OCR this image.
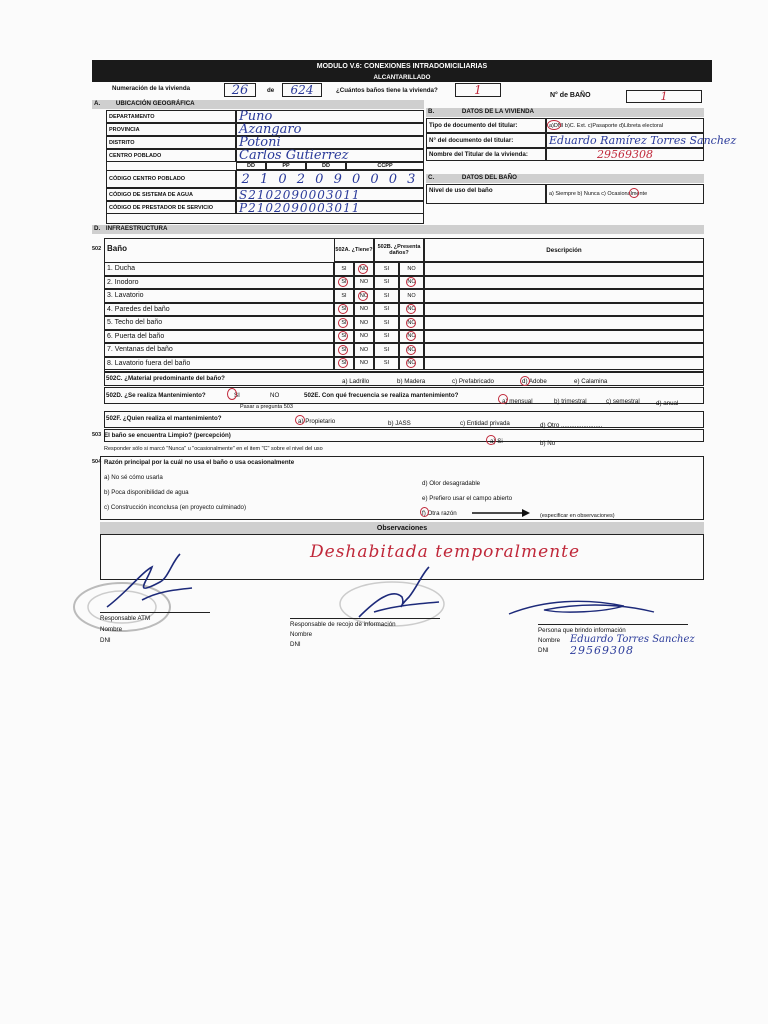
MODULO V.6: CONEXIONES INTRADOMICILIARIAS
ALCANTARILLADO
Numeración de la vivienda	26	de	624	¿Cuántos baños tiene la vivienda?	1	N° de BAÑO	1
A.	UBICACIÓN GEOGRÁFICA
DEPARTAMENTO	Puno
PROVINCIA	Azangaro
DISTRITO	Potoni
CENTRO POBLADO	Carlos Gutierrez
DD	PP	DD	CCPP
CÓDIGO CENTRO POBLADO	2 1 0 2 0 9 0 0 0 3
CÓDIGO DE SISTEMA DE AGUA	S2102090003011
CÓDIGO DE PRESTADOR DE SERVICIO	P2102090003011
B.	DATOS DE LA VIVIENDA
Tipo de documento del titular:	a)DNI b)C. Ext. c)Pasaporte d)Libreta electoral
N° del documento del titular:	Eduardo Ramírez Torres Sanchez
Nombre del Titular de la vivienda:	29569308
C.	DATOS DEL BAÑO
Nivel de uso del baño	a) Siempre b) Nunca c) Ocasionalmente
D. INFRAESTRUCTURA
502 Baño	502A. ¿Tiene? 502B. ¿Presenta daños?	Descripción
1. Ducha	SI	NO	SI	NO
2. Inodoro	SI	NO	SI	NO
3. Lavatorio	SI	NO	SI	NO
4. Paredes del baño	SI	NO	SI	NO
5. Techo del baño	SI	NO	SI	NO
6. Puerta del baño	SI	NO	SI	NO
7. Ventanas del baño	SI	NO	SI	NO
8. Lavatorio fuera del baño	SI	NO	SI	NO
502C. ¿Material predominante del baño?	a) Ladrillo	b) Madera	c) Prefabricado	d) Adobe	e) Calamina
502D. ¿Se realiza Mantenimiento?	SI	NO	502E. Con qué frecuencia se realiza mantenimiento?
a) mensual	b) trimestral	c) semestral	d) anual
Pasar a pregunta 503
502F. ¿Quien realiza el mantenimiento?	a) Propietario	b) JASS	c) Entidad privada	d) Otro ........................
503 El baño se encuentra Limpio? (percepción)
a) Si	b) No
Responder sólo si marcó "Nunca" u "ocasionalmente" en el item "C" sobre el nivel del uso
504 Razón principal por la cuál no usa el baño o usa ocasionalmente
a) No sé cómo usarla
b) Poca disponibilidad de agua
c) Construcción inconclusa (en proyecto culminado)
d) Olor desagradable
e) Prefiero usar el campo abierto
f) Otra razón	(especificar en observaciones)
Observaciones
Deshabitada temporalmente
Responsable ATM
Nombre
DNI
Responsable de recojo de información
Nombre
DNI
Persona que brindo información
Nombre Eduardo Torres Sanchez
DNI 29569308
